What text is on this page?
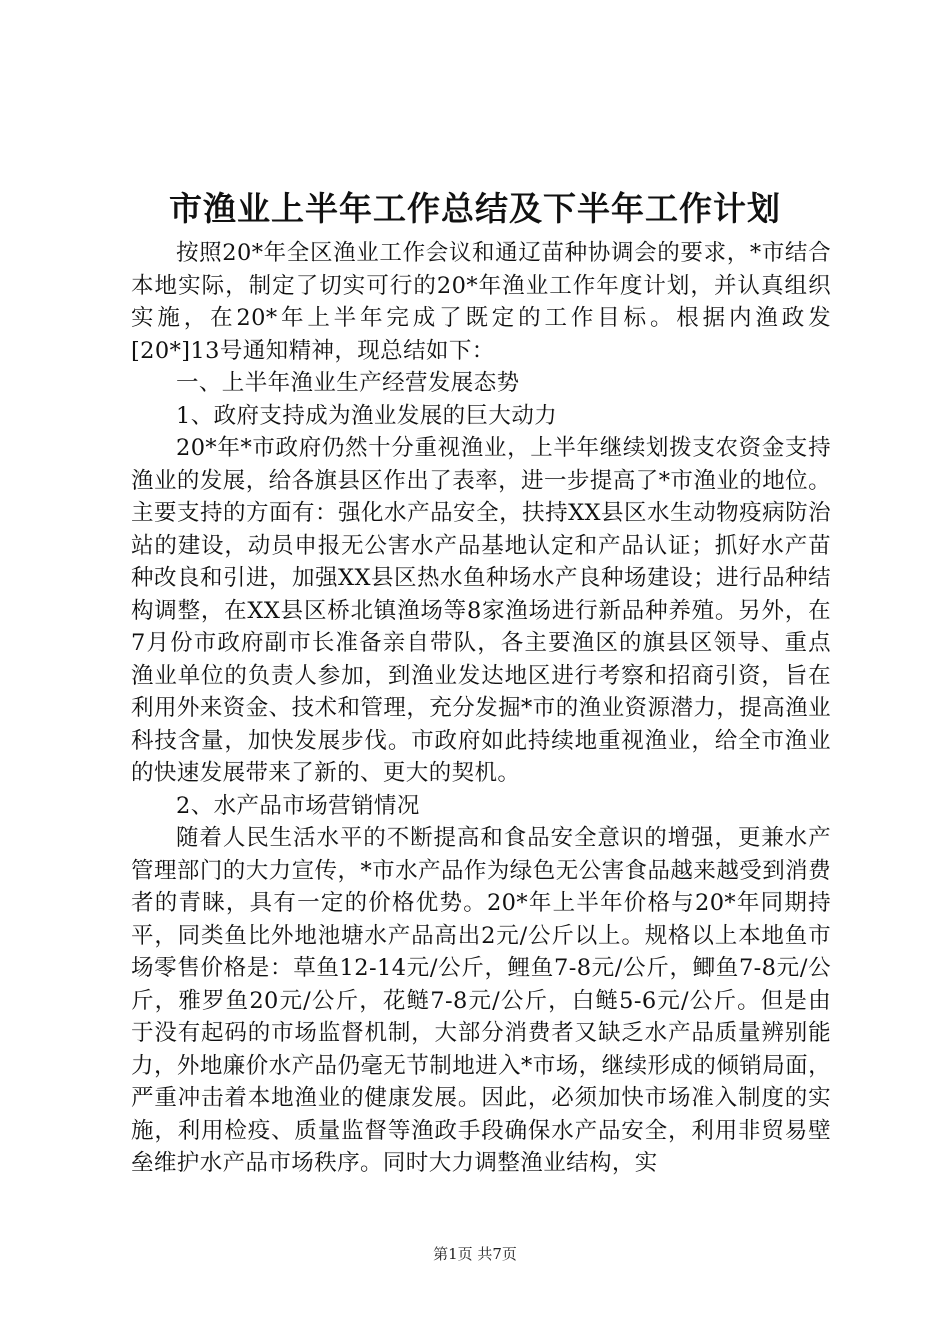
市渔业上半年工作总结及下半年工作计划

按照20*年全区渔业工作会议和通辽苗种协调会的要求，*市结合本地实际，制定了切实可行的20*年渔业工作年度计划，并认真组织实施，在20*年上半年完成了既定的工作目标。根据内渔政发[20*]13号通知精神，现总结如下：

一、上半年渔业生产经营发展态势

1、政府支持成为渔业发展的巨大动力

20*年*市政府仍然十分重视渔业，上半年继续划拨支农资金支持渔业的发展，给各旗县区作出了表率，进一步提高了*市渔业的地位。主要支持的方面有：强化水产品安全，扶持XX县区水生动物疫病防治站的建设，动员申报无公害水产品基地认定和产品认证；抓好水产苗种改良和引进，加强XX县区热水鱼种场水产良种场建设；进行品种结构调整，在XX县区桥北镇渔场等8家渔场进行新品种养殖。另外，在7月份市政府副市长准备亲自带队，各主要渔区的旗县区领导、重点渔业单位的负责人参加，到渔业发达地区进行考察和招商引资，旨在利用外来资金、技术和管理，充分发掘*市的渔业资源潜力，提高渔业科技含量，加快发展步伐。市政府如此持续地重视渔业，给全市渔业的快速发展带来了新的、更大的契机。

2、水产品市场营销情况

随着人民生活水平的不断提高和食品安全意识的增强，更兼水产管理部门的大力宣传，*市水产品作为绿色无公害食品越来越受到消费者的青睐，具有一定的价格优势。20*年上半年价格与20*年同期持平，同类鱼比外地池塘水产品高出2元/公斤以上。规格以上本地鱼市场零售价格是：草鱼12-14元/公斤，鲤鱼7-8元/公斤，鲫鱼7-8元/公斤，雅罗鱼20元/公斤，花鲢7-8元/公斤，白鲢5-6元/公斤。但是由于没有起码的市场监督机制，大部分消费者又缺乏水产品质量辨别能力，外地廉价水产品仍毫无节制地进入*市场，继续形成的倾销局面，严重冲击着本地渔业的健康发展。因此，必须加快市场准入制度的实施，利用检疫、质量监督等渔政手段确保水产品安全，利用非贸易壁垒维护水产品市场秩序。同时大力调整渔业结构，实

第1页 共7页
